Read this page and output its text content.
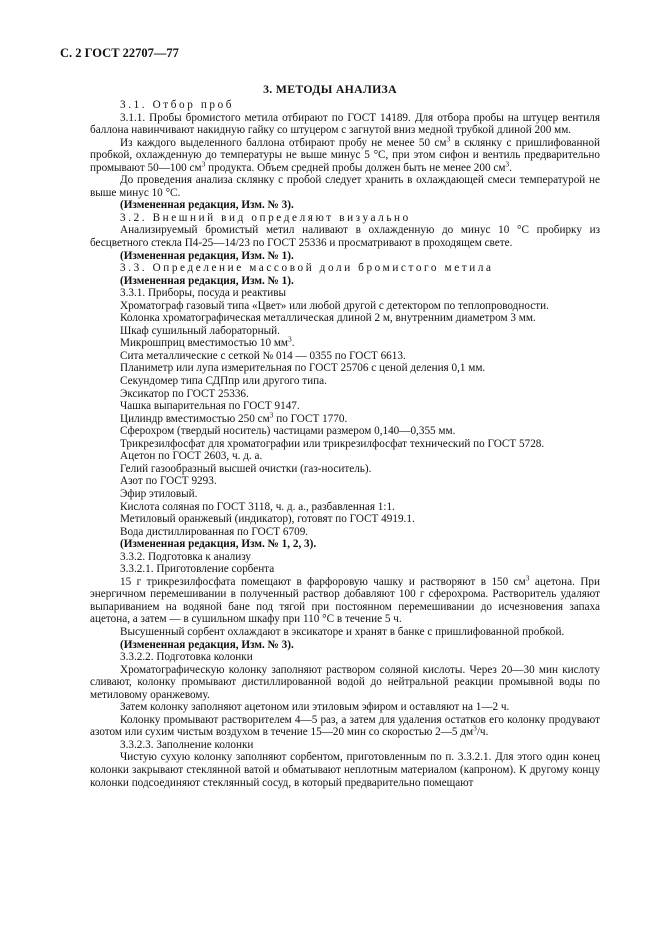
С. 2 ГОСТ 22707—77
3. МЕТОДЫ АНАЛИЗА

3.1. Отбор проб

3.1.1. Пробы бромистого метила отбирают по ГОСТ 14189. Для отбора пробы на штуцер вентиля баллона навинчивают накидную гайку со штуцером с загнутой вниз медной трубкой длиной 200 мм.

Из каждого выделенного баллона отбирают пробу не менее 50 $см^3$ в склянку с пришлифованной пробкой, охлажденную до температуры не выше минус 5 °С, при этом сифон и вентиль предварительно промывают 50—100 $см^3$ продукта. Объем средней пробы должен быть не менее 200 $см^3$.

До проведения анализа склянку с пробой следует хранить в охлаждающей смеси температурой не выше минус 10 °С.

(Измененная редакция, Изм. № 3).

3.2. Внешний вид определяют визуально

Анализируемый бромистый метил наливают в охлажденную до минус 10 °С пробирку из бесцветного стекла П4-25—14/23 по ГОСТ 25336 и просматривают в проходящем свете.

(Измененная редакция, Изм. № 1).

3.3. Определение массовой доли бромистого метила

(Измененная редакция, Изм. № 1).

3.3.1. Приборы, посуда и реактивы

Хроматограф газовый типа «Цвет» или любой другой с детектором по теплопроводности.

Колонка хроматографическая металлическая длиной 2 м, внутренним диаметром 3 мм.

Шкаф сушильный лабораторный.

Микрошприц вместимостью 10 $мм^3$.

Сита металлические с сеткой № 014 — 0355 по ГОСТ 6613.

Планиметр или лупа измерительная по ГОСТ 25706 с ценой деления 0,1 мм.

Секундомер типа СДПпр или другого типа.

Эксикатор по ГОСТ 25336.

Чашка выпарительная по ГОСТ 9147.

Цилиндр вместимостью 250 $см^3$ по ГОСТ 1770.

Сферохром (твердый носитель) частицами размером 0,140—0,355 мм.

Трикрезилфосфат для хроматографии или трикрезилфосфат технический по ГОСТ 5728.

Ацетон по ГОСТ 2603, ч. д. а.

Гелий газообразный высшей очистки (газ-носитель).

Азот по ГОСТ 9293.

Эфир этиловый.

Кислота соляная по ГОСТ 3118, ч. д. а., разбавленная 1:1.

Метиловый оранжевый (индикатор), готовят по ГОСТ 4919.1.

Вода дистиллированная по ГОСТ 6709.

(Измененная редакция, Изм. № 1, 2, 3).

3.3.2. Подготовка к анализу

3.3.2.1. Приготовление сорбента

15 г трикрезилфосфата помещают в фарфоровую чашку и растворяют в 150 $см^3$ ацетона. При энергичном перемешивании в полученный раствор добавляют 100 г сферохрома. Растворитель удаляют выпариванием на водяной бане под тягой при постоянном перемешивании до исчезновения запаха ацетона, а затем — в сушильном шкафу при 110 °С в течение 5 ч.

Высушенный сорбент охлаждают в эксикаторе и хранят в банке с пришлифованной пробкой.

(Измененная редакция, Изм. № 3).

3.3.2.2. Подготовка колонки

Хроматографическую колонку заполняют раствором соляной кислоты. Через 20—30 мин кислоту сливают, колонку промывают дистиллированной водой до нейтральной реакции промывной воды по метиловому оранжевому.

Затем колонку заполняют ацетоном или этиловым эфиром и оставляют на 1—2 ч.

Колонку промывают растворителем 4—5 раз, а затем для удаления остатков его колонку продувают азотом или сухим чистым воздухом в течение 15—20 мин со скоростью 2—5 $дм^3/ч$.

3.3.2.3. Заполнение колонки

Чистую сухую колонку заполняют сорбентом, приготовленным по п. 3.3.2.1. Для этого один конец колонки закрывают стеклянной ватой и обматывают неплотным материалом (капроном). К другому концу колонки подсоединяют стеклянный сосуд, в который предварительно помещают
